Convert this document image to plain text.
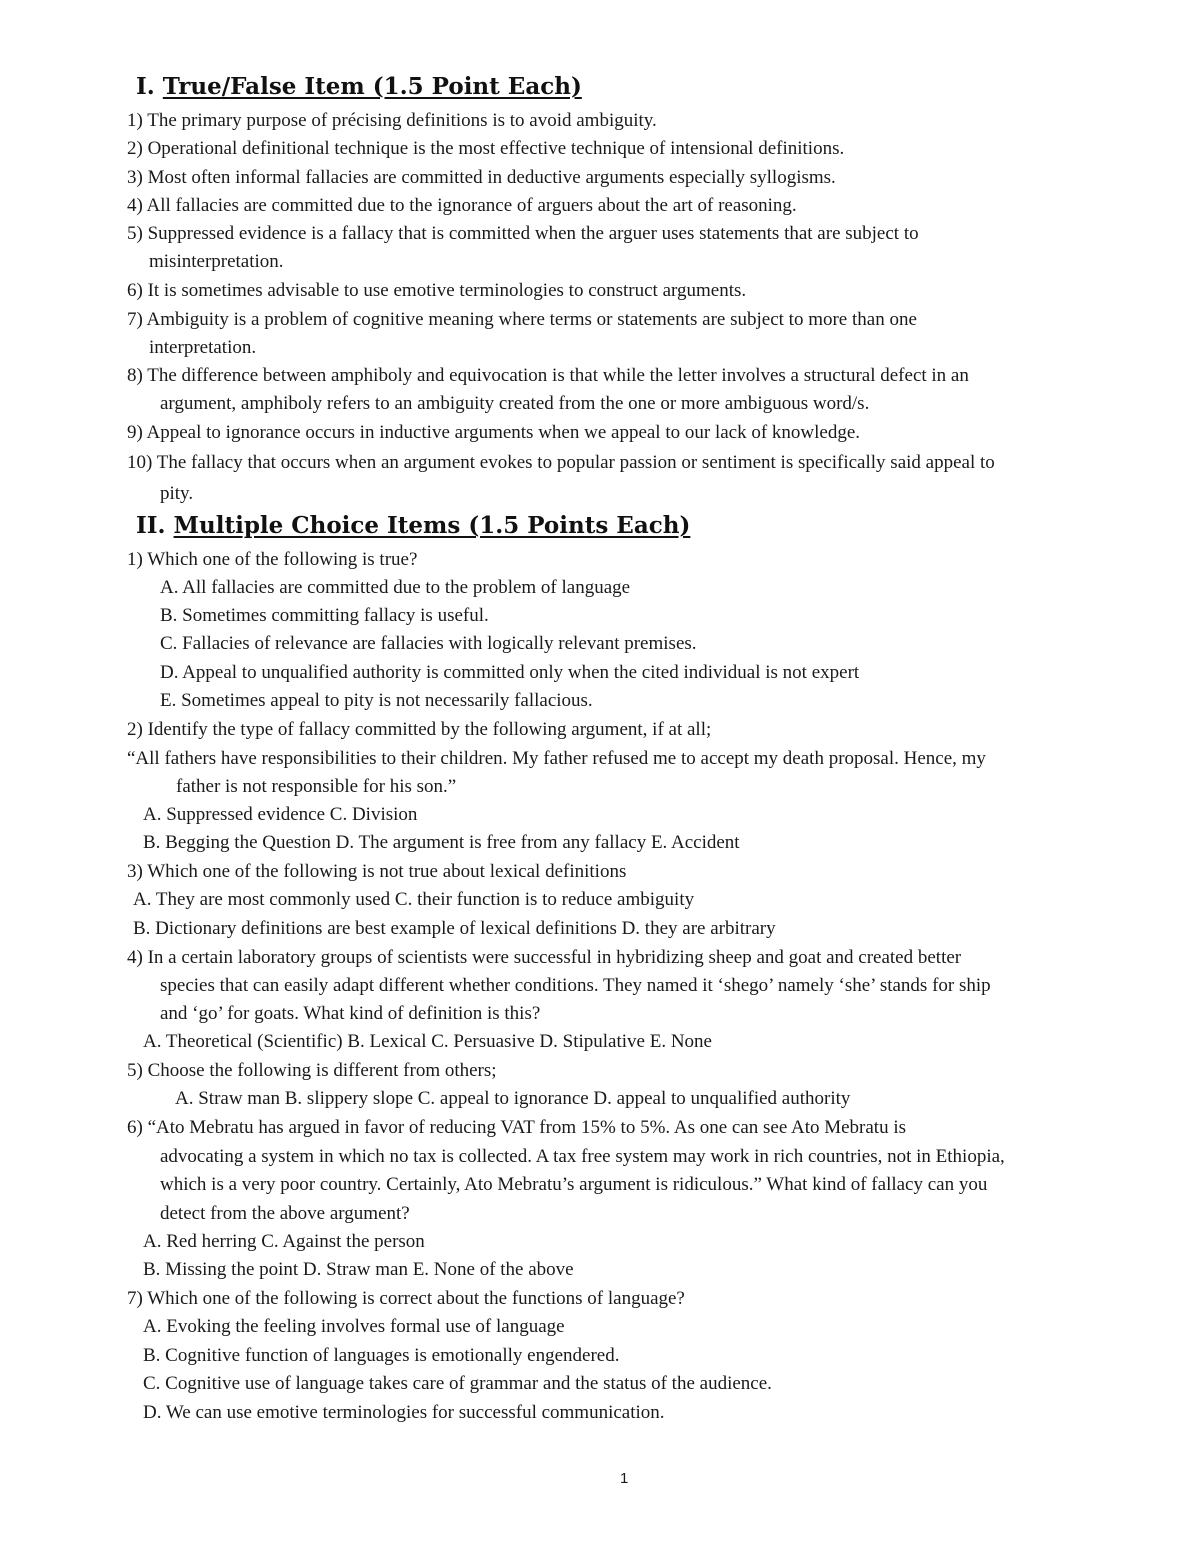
I. True/False Item (1.5 Point Each)
1) The primary purpose of précising definitions is to avoid ambiguity.
2) Operational definitional technique is the most effective technique of intensional definitions.
3) Most often informal fallacies are committed in deductive arguments especially syllogisms.
4) All fallacies are committed due to the ignorance of arguers about the art of reasoning.
5) Suppressed evidence is a fallacy that is committed when the arguer uses statements that are subject to
misinterpretation.
6) It is sometimes advisable to use emotive terminologies to construct arguments.
7) Ambiguity is a problem of cognitive meaning where terms or statements are subject to more than one
interpretation.
8) The difference between amphiboly and equivocation is that while the letter involves a structural defect in an
argument, amphiboly refers to an ambiguity created from the one or more ambiguous word/s.
9) Appeal to ignorance occurs in inductive arguments when we appeal to our lack of knowledge.
10) The fallacy that occurs when an argument evokes to popular passion or sentiment is specifically said appeal to
pity.
II. Multiple Choice Items (1.5 Points Each)
1) Which one of the following is true?
A. All fallacies are committed due to the problem of language
B. Sometimes committing fallacy is useful.
C. Fallacies of relevance are fallacies with logically relevant premises.
D. Appeal to unqualified authority is committed only when the cited individual is not expert
E. Sometimes appeal to pity is not necessarily fallacious.
2) Identify the type of fallacy committed by the following argument, if at all;
“All fathers have responsibilities to their children. My father refused me to accept my death proposal. Hence, my
father is not responsible for his son.”
A. Suppressed evidence C. Division
B. Begging the Question D. The argument is free from any fallacy E. Accident
3) Which one of the following is not true about lexical definitions
A. They are most commonly used C. their function is to reduce ambiguity
B. Dictionary definitions are best example of lexical definitions D. they are arbitrary
4) In a certain laboratory groups of scientists were successful in hybridizing sheep and goat and created better
species that can easily adapt different whether conditions. They named it ‘shego’ namely ‘she’ stands for ship
and ‘go’ for goats. What kind of definition is this?
A. Theoretical (Scientific) B. Lexical C. Persuasive D. Stipulative E. None
5) Choose the following is different from others;
A. Straw man B. slippery slope C. appeal to ignorance D. appeal to unqualified authority
6) “Ato Mebratu has argued in favor of reducing VAT from 15% to 5%. As one can see Ato Mebratu is
advocating a system in which no tax is collected. A tax free system may work in rich countries, not in Ethiopia,
which is a very poor country. Certainly, Ato Mebratu’s argument is ridiculous.” What kind of fallacy can you
detect from the above argument?
A. Red herring C. Against the person
B. Missing the point D. Straw man E. None of the above
7) Which one of the following is correct about the functions of language?
A. Evoking the feeling involves formal use of language
B. Cognitive function of languages is emotionally engendered.
C. Cognitive use of language takes care of grammar and the status of the audience.
D. We can use emotive terminologies for successful communication.
1
